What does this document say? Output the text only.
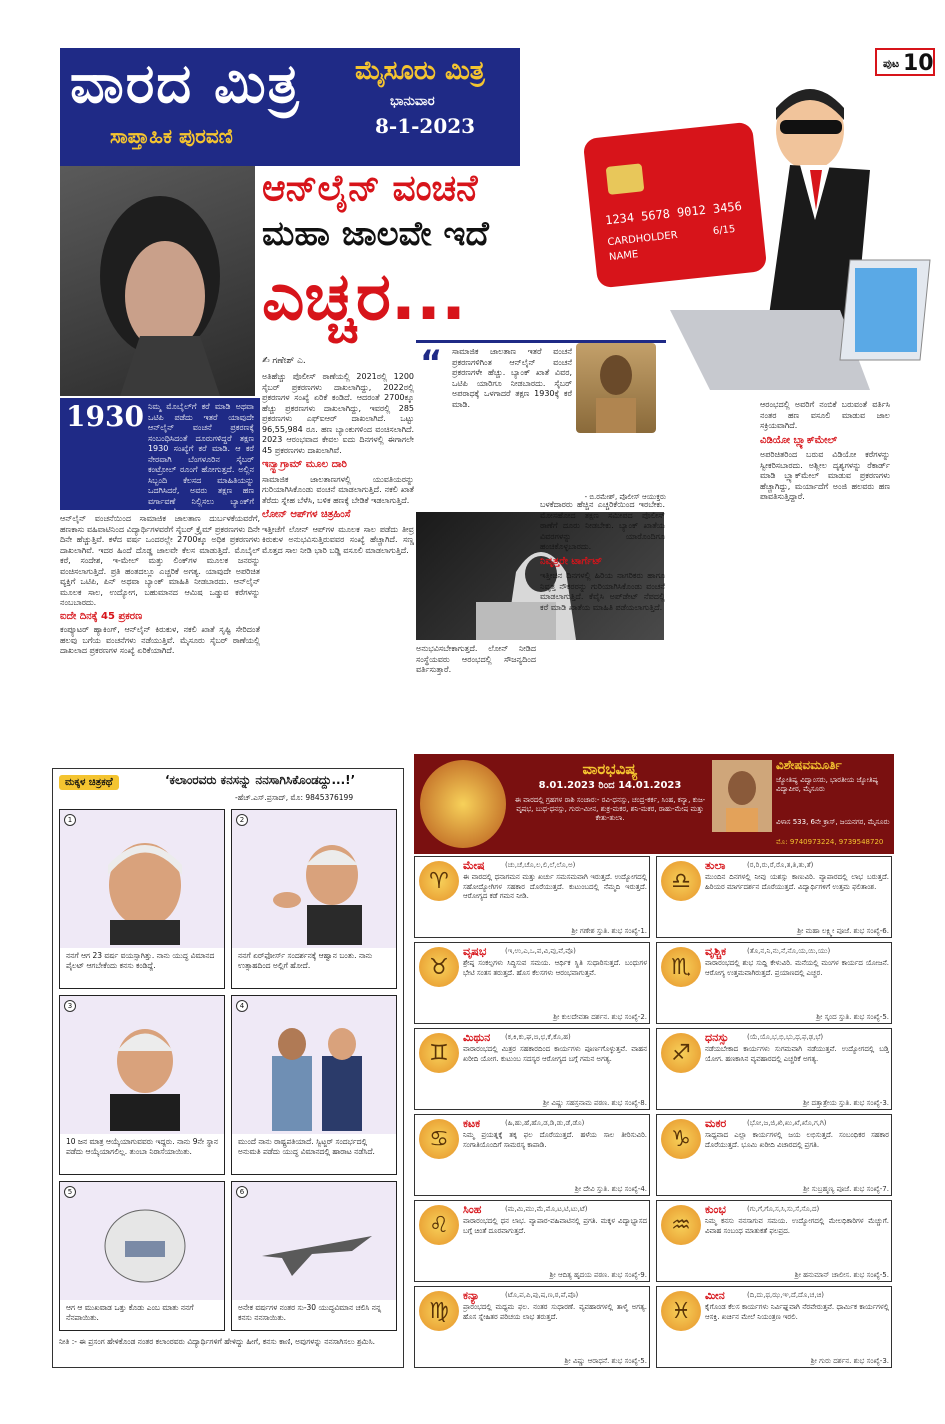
ವಾರದ ಮಿತ್ರ
ಸಾಪ್ತಾಹಿಕ ಪುರವಣಿ
ಮೈಸೂರು ಮಿತ್ರ
ಭಾನುವಾರ
8-1-2023
ಪುಟ 10
1234 5678 9012 3456
CARDHOLDER
NAME
6/15
ಆನ್‌ಲೈನ್ ವಂಚನೆ
ಮಹಾ ಜಾಲವೇ ಇದೆ
ಎಚ್ಚರ...
✍ ಗಣೇಶ್ ಎ.
1930 ನಿಮ್ಮ ಮೊಬೈಲ್‌ಗೆ ಕರೆ ಮಾಡಿ ಅಥವಾ ಒಟಿಪಿ ಪಡೆದು ಇತರೆ ಯಾವುದೇ ಆನ್‌ಲೈನ್ ವಂಚನೆ ಪ್ರಕರಣಕ್ಕೆ ಸಂಬಂಧಿಸಿದಂತೆ ದೂರುಗಳಿದ್ದರೆ ತಕ್ಷಣ 1930 ಸಂಖ್ಯೆಗೆ ಕರೆ ಮಾಡಿ. ಆ ಕರೆ ನೇರವಾಗಿ ಬೆಂಗಳೂರಿನ ಸೈಬರ್ ಕಂಟ್ರೋಲ್ ರೂಂಗೆ ಹೋಗುತ್ತದೆ. ಅಲ್ಲಿನ ಸಿಬ್ಬಂದಿ ಕೆಲಸದ ಮಾಹಿತಿಯನ್ನು ಒದಗಿಸಿದರೆ, ಅವರು ತಕ್ಷಣ ಹಣ ವರ್ಗಾವಣೆ ನಿಲ್ಲಿಸಲು ಬ್ಯಾಂಕ್‌ಗೆ ತಿಳಿಸುತ್ತಾರೆ.
ಆನ್‌ಲೈನ್ ವಂಚನೆಯಿಂದ ಸಾಮಾಜಿಕ ಜಾಲತಾಣ ದುರ್ಬಳಕೆಯವರೆಗೆ, ಹಣಕಾಸು ವಹಿವಾಟಿನಿಂದ ವಿದ್ಯಾರ್ಥಿಗಳವರೆಗೆ ಸೈಬರ್ ಕ್ರೈಮ್ ಪ್ರಕರಣಗಳು ದಿನೇ ದಿನೇ ಹೆಚ್ಚುತ್ತಿವೆ. ಕಳೆದ ವರ್ಷ ಒಂದರಲ್ಲೇ 2700ಕ್ಕೂ ಅಧಿಕ ಪ್ರಕರಣಗಳು ದಾಖಲಾಗಿವೆ. ಇದರ ಹಿಂದೆ ದೊಡ್ಡ ಜಾಲವೇ ಕೆಲಸ ಮಾಡುತ್ತಿದೆ. ಮೊಬೈಲ್ ಕರೆ, ಸಂದೇಶ, ಇ-ಮೇಲ್ ಮತ್ತು ಲಿಂಕ್‌ಗಳ ಮೂಲಕ ಜನರನ್ನು ವಂಚಿಸಲಾಗುತ್ತಿದೆ. ಪ್ರತಿ ಹಂತದಲ್ಲೂ ಎಚ್ಚರಿಕೆ ಅಗತ್ಯ. ಯಾವುದೇ ಅಪರಿಚಿತ ವ್ಯಕ್ತಿಗೆ ಒಟಿಪಿ, ಪಿನ್ ಅಥವಾ ಬ್ಯಾಂಕ್ ಮಾಹಿತಿ ನೀಡಬಾರದು. ಆನ್‌ಲೈನ್ ಮೂಲಕ ಸಾಲ, ಉದ್ಯೋಗ, ಬಹುಮಾನದ ಆಮಿಷ ಒಡ್ಡುವ ಕರೆಗಳನ್ನು ನಂಬಬಾರದು.
ಐದೇ ದಿನಕ್ಕೆ 45 ಪ್ರಕರಣ
ಕಂಪ್ಯೂಟರ್ ಹ್ಯಾಕಿಂಗ್, ಆನ್‌ಲೈನ್ ಕಿರುಕುಳ, ನಕಲಿ ಖಾತೆ ಸೃಷ್ಟಿ ಸೇರಿದಂತೆ ಹಲವು ಬಗೆಯ ವಂಚನೆಗಳು ನಡೆಯುತ್ತಿವೆ. ಮೈಸೂರು ಸೈಬರ್ ಠಾಣೆಯಲ್ಲಿ ದಾಖಲಾದ ಪ್ರಕರಣಗಳ ಸಂಖ್ಯೆ ಏರಿಕೆಯಾಗಿದೆ.
ಅತಿಹೆಚ್ಚು ಪೊಲೀಸ್ ಠಾಣೆಯಲ್ಲಿ 2021ರಲ್ಲಿ 1200 ಸೈಬರ್ ಪ್ರಕರಣಗಳು ದಾಖಲಾಗಿದ್ದು, 2022ರಲ್ಲಿ ಪ್ರಕರಣಗಳ ಸಂಖ್ಯೆ ಏರಿಕೆ ಕಂಡಿದೆ. ಆದರಂತೆ 2700ಕ್ಕೂ ಹೆಚ್ಚು ಪ್ರಕರಣಗಳು ದಾಖಲಾಗಿದ್ದು, ಇವರಲ್ಲಿ 285 ಪ್ರಕರಣಗಳು ಎಫ್‌ಐಆರ್ ದಾಖಲಾಗಿದೆ. ಒಟ್ಟು 96,55,984 ರೂ. ಹಣ ಬ್ಯಾಂಕುಗಳಿಂದ ವಂಚಿಸಲಾಗಿದೆ. 2023 ಆರಂಭವಾದ ಕೇವಲ ಐದು ದಿನಗಳಲ್ಲಿ ಈಗಾಗಲೇ 45 ಪ್ರಕರಣಗಳು ದಾಖಲಾಗಿವೆ.
ಇನ್ಸ್ಟಾಗ್ರಾಮ್ ಮೂಲ ದಾರಿ
ಸಾಮಾಜಿಕ ಜಾಲತಾಣಗಳಲ್ಲಿ ಯುವತಿಯರನ್ನು ಗುರಿಯಾಗಿಸಿಕೊಂಡು ವಂಚನೆ ಮಾಡಲಾಗುತ್ತಿದೆ. ನಕಲಿ ಖಾತೆ ತೆರೆದು ಸ್ನೇಹ ಬೆಳೆಸಿ, ಬಳಿಕ ಹಣಕ್ಕೆ ಬೇಡಿಕೆ ಇಡಲಾಗುತ್ತಿದೆ.
ಲೋನ್ ಆಪ್‌ಗಳ ಚಿತ್ರಹಿಂಸೆ
ಇತ್ತೀಚೆಗೆ ಲೋನ್ ಆಪ್‌ಗಳ ಮೂಲಕ ಸಾಲ ಪಡೆದು ತೀವ್ರ ಕಿರುಕುಳ ಅನುಭವಿಸುತ್ತಿರುವವರ ಸಂಖ್ಯೆ ಹೆಚ್ಚಾಗಿದೆ. ಸಣ್ಣ ಮೊತ್ತದ ಸಾಲ ನೀಡಿ ಭಾರಿ ಬಡ್ಡಿ ವಸೂಲಿ ಮಾಡಲಾಗುತ್ತಿದೆ.
“ ಸಾಮಾಜಿಕ ಜಾಲತಾಣ ಇತರೆ ವಂಚನೆ ಪ್ರಕರಣಗಳಿಗಿಂತ ಆನ್‌ಲೈನ್ ವಂಚನೆ ಪ್ರಕರಣಗಳೇ ಹೆಚ್ಚು. ಬ್ಯಾಂಕ್ ಖಾತೆ ವಿವರ, ಒಟಿಪಿ ಯಾರಿಗೂ ನೀಡಬಾರದು. ಸೈಬರ್ ಅಪರಾಧಕ್ಕೆ ಒಳಗಾದರೆ ತಕ್ಷಣ 1930ಕ್ಕೆ ಕರೆ ಮಾಡಿ.
- ಬಿ.ರಮೇಶ್, ಪೊಲೀಸ್ ಆಯುಕ್ತರು
ಅನುಭವಿಸಬೇಕಾಗುತ್ತದೆ. ಲೋನ್ ನೀಡಿದ ಸಂಸ್ಥೆಯವರು ಆರಂಭದಲ್ಲಿ ಸೌಜನ್ಯದಿಂದ ವರ್ತಿಸುತ್ತಾರೆ.
ಬಳಕೆದಾರರು ಹೆಚ್ಚಿನ ಎಚ್ಚರಿಕೆಯಿಂದ ಇರಬೇಕು. ಮೋಸಹೋದ ತಕ್ಷಣ ಸಮೀಪದ ಪೊಲೀಸ್ ಠಾಣೆಗೆ ದೂರು ನೀಡಬೇಕು. ಬ್ಯಾಂಕ್ ಖಾತೆಯ ವಿವರಗಳನ್ನು ಯಾರೊಂದಿಗೂ ಹಂಚಿಕೊಳ್ಳಬಾರದು.
ನಿವೃತ್ತರೇ ಟಾರ್ಗೆಟ್
ಇತ್ತೀಚಿನ ದಿನಗಳಲ್ಲಿ ಹಿರಿಯ ನಾಗರಿಕರು ಹಾಗೂ ನಿವೃತ್ತ ನೌಕರರನ್ನು ಗುರಿಯಾಗಿಸಿಕೊಂಡು ವಂಚನೆ ಮಾಡಲಾಗುತ್ತಿದೆ. ಕೆವೈಸಿ ಅಪ್‌ಡೇಟ್ ನೆಪದಲ್ಲಿ ಕರೆ ಮಾಡಿ ಖಾತೆಯ ಮಾಹಿತಿ ಪಡೆಯಲಾಗುತ್ತಿದೆ.
ಆರಂಭದಲ್ಲಿ ಅವರಿಗೆ ನಂಬಿಕೆ ಬರುವಂತೆ ವರ್ತಿಸಿ ನಂತರ ಹಣ ವಸೂಲಿ ಮಾಡುವ ಜಾಲ ಸಕ್ರಿಯವಾಗಿದೆ.
ವಿಡಿಯೋ ಬ್ಲ್ಯಾಕ್‌ಮೇಲ್
ಅಪರಿಚಿತರಿಂದ ಬರುವ ವಿಡಿಯೋ ಕರೆಗಳನ್ನು ಸ್ವೀಕರಿಸಬಾರದು. ಅಶ್ಲೀಲ ದೃಶ್ಯಗಳನ್ನು ರೆಕಾರ್ಡ್ ಮಾಡಿ ಬ್ಲ್ಯಾಕ್‌ಮೇಲ್ ಮಾಡುವ ಪ್ರಕರಣಗಳು ಹೆಚ್ಚಾಗಿದ್ದು, ಮರ್ಯಾದೆಗೆ ಅಂಜಿ ಹಲವರು ಹಣ ಪಾವತಿಸುತ್ತಿದ್ದಾರೆ.
ಮಕ್ಕಳ ಚಿತ್ರಕಥೆ	‘ಕಲಾಂರವರು ಕನಸನ್ನು ನನಸಾಗಿಸಿಕೊಂಡದ್ದು...!’
-ಹೆಚ್.ಎಸ್.ಪ್ರಸಾದ್, ಮೊ: 9845376199
1
ನನಗೆ ಆಗ 23 ವರ್ಷ ವಯಸ್ಸಾಗಿತ್ತು. ನಾನು ಯುದ್ಧ ವಿಮಾನದ ಪೈಲಟ್ ಆಗಬೇಕೆಂದು ಕನಸು ಕಂಡಿದ್ದೆ.
2
ನನಗೆ ಏರ್‌ಫೋರ್ಸ್ ಸಂದರ್ಶನಕ್ಕೆ ಆಹ್ವಾನ ಬಂತು. ನಾನು ಉತ್ಸಾಹದಿಂದ ಅಲ್ಲಿಗೆ ಹೋದೆ.
3
10 ಜನ ಮಾತ್ರ ಆಯ್ಕೆಯಾಗುವವರು ಇದ್ದರು. ನಾನು 9ನೇ ಸ್ಥಾನ ಪಡೆದು ಆಯ್ಕೆಯಾಗಲಿಲ್ಲ. ತುಂಬಾ ನಿರಾಸೆಯಾಯಿತು.
4
ಮುಂದೆ ನಾನು ರಾಷ್ಟ್ರಪತಿಯಾದೆ. ಸ್ವಿಟ್ಜರ್ ಸಂದರ್ಭದಲ್ಲಿ ಅನುಮತಿ ಪಡೆದು ಯುದ್ಧ ವಿಮಾನದಲ್ಲಿ ಹಾರಾಟ ನಡೆಸಿದೆ.
5
ಆಗ ಆ ಮುಖವಾಡ ಒತ್ತು ಕೊಡು ಎಂಬ ಮಾತು ನನಗೆ ನೆನಪಾಯಿತು.
6
ಅನೇಕ ವರ್ಷಗಳ ನಂತರ ಸು-30 ಯುದ್ಧವಿಮಾನ ಚಲಿಸಿ ನನ್ನ ಕನಸು ನನಸಾಯಿತು.
ನೀತಿ :- ಈ ಪ್ರಸಂಗ ಹೇಳಿಕೊಂಡ ನಂತರ ಕಲಾಂರವರು ವಿದ್ಯಾರ್ಥಿಗಳಿಗೆ ಹೇಳಿದ್ದು ಹೀಗೆ, ಕನಸು ಕಾಣಿ, ಅವುಗಳನ್ನು ನನಸಾಗಿಸಲು ಶ್ರಮಿಸಿ.
ವಾರಭವಿಷ್ಯ
8.01.2023 ರಿಂದ 14.01.2023
ಈ ವಾರದಲ್ಲಿ ಗ್ರಹಗಳ ರಾಶಿ ಸಂಚಾರ:- ರವಿ-ಧನಸ್ಸು, ಚಂದ್ರ-ಕರ್ಕ, ಸಿಂಹ, ಕನ್ಯಾ, ಕುಜ-ವೃಷಭ, ಬುಧ-ಧನಸ್ಸು, ಗುರು-ಮೀನ, ಶುಕ್ರ-ಮಕರ, ಶನಿ-ಮಕರ, ರಾಹು-ಮೇಷ ಮತ್ತು ಕೇತು-ತುಲಾ.
ವಿಶೇಷವಮೂರ್ತಿ
ಜ್ಯೋತಿಷ್ಯ ವಿದ್ವಾಂಸರು, ಭಾರತೀಯ ಜ್ಯೋತಿಷ್ಯ ವಿದ್ಯಾಪೀಠ, ಮೈಸೂರು
ವಿಳಾಸ 533, 6ನೇ ಕ್ರಾಸ್, ಜಯನಗರ, ಮೈಸೂರು
ಮೊ: 9740973224, 9739548720
♈
ಮೇಷ	(ಚು,ಚೆ,ಚೊ,ಲ,ಲಿ,ಲೆ,ಲೊ,ಅ)
ಈ ವಾರದಲ್ಲಿ ಧನಾಗಮನ ಮತ್ತು ಖರ್ಚು ಸಮಸಮವಾಗಿ ಇರುತ್ತದೆ. ಉದ್ಯೋಗದಲ್ಲಿ ಸಹೋದ್ಯೋಗಿಗಳ ಸಹಕಾರ ದೊರೆಯುತ್ತದೆ. ಕುಟುಂಬದಲ್ಲಿ ನೆಮ್ಮದಿ ಇರುತ್ತದೆ. ಆರೋಗ್ಯದ ಕಡೆ ಗಮನ ನೀಡಿ.
ಶ್ರೀ ಗಣೇಶ ಸ್ತುತಿ. ಶುಭ ಸಂಖ್ಯೆ-1.
♎
ತುಲಾ	(ರ,ರಿ,ರು,ರೆ,ರೊ,ತ,ತಿ,ತು,ತೆ)
ಮುಂದಿನ ದಿನಗಳಲ್ಲಿ ನೀವು ಯಶಸ್ಸು ಕಾಣುವಿರಿ. ವ್ಯಾಪಾರದಲ್ಲಿ ಲಾಭ ಬರುತ್ತದೆ. ಹಿರಿಯರ ಮಾರ್ಗದರ್ಶನ ದೊರೆಯುತ್ತದೆ. ವಿದ್ಯಾರ್ಥಿಗಳಿಗೆ ಉತ್ತಮ ಫಲಿತಾಂಶ.
ಶ್ರೀ ಮಹಾ ಲಕ್ಷ್ಮೀ ಪೂಜೆ. ಶುಭ ಸಂಖ್ಯೆ-6.
♉
ವೃಷಭ	(ಇ,ಉ,ಎ,ಒ,ವ,ವಿ,ವು,ವೆ,ವೊ)
ಶ್ರೇಷ್ಠ ಸಂಕಲ್ಪಗಳು ಸಿದ್ಧಿಸುವ ಸಮಯ. ಆರ್ಥಿಕ ಸ್ಥಿತಿ ಸುಧಾರಿಸುತ್ತದೆ. ಬಂಧುಗಳ ಭೇಟಿ ಸಂತಸ ತರುತ್ತದೆ. ಹೊಸ ಕೆಲಸಗಳು ಆರಂಭವಾಗುತ್ತವೆ.
ಶ್ರೀ ಕುಲದೇವತಾ ದರ್ಶನ. ಶುಭ ಸಂಖ್ಯೆ-2.
♏
ವೃಶ್ಚಿಕ	(ತೊ,ನ,ನಿ,ನು,ನೆ,ನೊ,ಯ,ಯಿ,ಯು)
ವಾರಾರಂಭದಲ್ಲಿ ಶುಭ ಸುದ್ದಿ ಕೇಳುವಿರಿ. ಮನೆಯಲ್ಲಿ ಮಂಗಳ ಕಾರ್ಯದ ಯೋಜನೆ. ಆರೋಗ್ಯ ಉತ್ತಮವಾಗಿರುತ್ತದೆ. ಪ್ರಯಾಣದಲ್ಲಿ ಎಚ್ಚರ.
ಶ್ರೀ ಸ್ಕಂದ ಸ್ತುತಿ. ಶುಭ ಸಂಖ್ಯೆ-5.
♊
ಮಿಥುನ (ಕ,ಕಿ,ಕು,ಘ,ಙ,ಛ,ಕೆ,ಕೊ,ಹ)
ವಾರಾರಂಭದಲ್ಲಿ ಮಿತ್ರರ ಸಹಕಾರದಿಂದ ಕಾರ್ಯಗಳು ಪೂರ್ಣಗೊಳ್ಳುತ್ತವೆ. ವಾಹನ ಖರೀದಿ ಯೋಗ. ಕುಟುಂಬ ಸದಸ್ಯರ ಆರೋಗ್ಯದ ಬಗ್ಗೆ ಗಮನ ಅಗತ್ಯ.
ಶ್ರೀ ವಿಷ್ಣು ಸಹಸ್ರನಾಮ ಪಠಣ. ಶುಭ ಸಂಖ್ಯೆ-8.
♐
ಧನಸ್ಸು	(ಯೆ,ಯೊ,ಭ,ಭಿ,ಭು,ಧ,ಫ,ಢ,ಭೆ)
ನಡೆಯಬೇಕಾದ ಕಾರ್ಯಗಳು ಸುಗಮವಾಗಿ ನಡೆಯುತ್ತವೆ. ಉದ್ಯೋಗದಲ್ಲಿ ಬಡ್ತಿ ಯೋಗ. ಹಣಕಾಸಿನ ವ್ಯವಹಾರದಲ್ಲಿ ಎಚ್ಚರಿಕೆ ಅಗತ್ಯ.
ಶ್ರೀ ದತ್ತಾತ್ರೇಯ ಸ್ತುತಿ. ಶುಭ ಸಂಖ್ಯೆ-3.
♋
ಕಟಕ	(ಹಿ,ಹು,ಹೆ,ಹೊ,ಡ,ಡಿ,ಡು,ಡೆ,ಡೊ)
ನಿಮ್ಮ ಪ್ರಯತ್ನಕ್ಕೆ ತಕ್ಕ ಫಲ ದೊರೆಯುತ್ತದೆ. ಹಳೆಯ ಸಾಲ ತೀರಿಸುವಿರಿ. ಸಂಗಾತಿಯೊಂದಿಗೆ ಸಾಮರಸ್ಯ ಕಾಪಾಡಿ.
ಶ್ರೀ ದೇವಿ ಸ್ತುತಿ. ಶುಭ ಸಂಖ್ಯೆ-4.
♑
ಮಕರ	(ಭೋ,ಜ,ಜಿ,ಖಿ,ಖು,ಖೆ,ಖೊ,ಗ,ಗಿ)
ಸಾಧ್ಯವಾದ ಎಲ್ಲಾ ಕಾರ್ಯಗಳಲ್ಲಿ ಜಯ ಲಭಿಸುತ್ತದೆ. ಸಂಬಂಧಿಕರ ಸಹಕಾರ ದೊರೆಯುತ್ತದೆ. ಭೂಮಿ ಖರೀದಿ ವಿಚಾರದಲ್ಲಿ ಪ್ರಗತಿ.
ಶ್ರೀ ಸುಬ್ರಹ್ಮಣ್ಯ ಪೂಜೆ. ಶುಭ ಸಂಖ್ಯೆ-7.
♌
ಸಿಂಹ	(ಮ,ಮಿ,ಮು,ಮೆ,ಮೊ,ಟ,ಟಿ,ಟು,ಟೆ)
ವಾರಾರಂಭದಲ್ಲಿ ಧನ ಲಾಭ. ವ್ಯಾಪಾರ-ವಹಿವಾಟಿನಲ್ಲಿ ಪ್ರಗತಿ. ಮಕ್ಕಳ ವಿದ್ಯಾಭ್ಯಾಸದ ಬಗ್ಗೆ ಚಿಂತೆ ದೂರವಾಗುತ್ತದೆ.
ಶ್ರೀ ಆದಿತ್ಯ ಹೃದಯ ಪಠಣ. ಶುಭ ಸಂಖ್ಯೆ-9.
♒
ಕುಂಭ	(ಗು,ಗೆ,ಗೊ,ಸ,ಸಿ,ಸು,ಸೆ,ಸೊ,ದ)
ನಿಮ್ಮ ಕನಸು ನನಸಾಗುವ ಸಮಯ. ಉದ್ಯೋಗದಲ್ಲಿ ಮೇಲಧಿಕಾರಿಗಳ ಮೆಚ್ಚುಗೆ. ವಿವಾಹ ಸಂಬಂಧ ಮಾತುಕತೆ ಫಲಪ್ರದ.
ಶ್ರೀ ಹನುಮಾನ್ ಚಾಲೀಸ. ಶುಭ ಸಂಖ್ಯೆ-5.
♍
ಕನ್ಯಾ	(ಟೊ,ಪ,ಪಿ,ಪು,ಷ,ಣ,ಠ,ಪೆ,ಪೊ)
ಪ್ರಾರಂಭದಲ್ಲಿ ಮಧ್ಯಮ ಫಲ. ನಂತರ ಸುಧಾರಣೆ. ವ್ಯವಹಾರಗಳಲ್ಲಿ ತಾಳ್ಮೆ ಅಗತ್ಯ. ಹೊಸ ಸ್ನೇಹಿತರ ಪರಿಚಯ ಲಾಭ ತರುತ್ತದೆ.
ಶ್ರೀ ವಿಷ್ಣು ಆರಾಧನೆ. ಶುಭ ಸಂಖ್ಯೆ-5.
♓
ಮೀನ	(ದಿ,ದು,ಥ,ಝ,ಞ,ದೆ,ದೊ,ಚ,ಚಿ)
ಕೈಗೊಂಡ ಕೆಲಸ ಕಾರ್ಯಗಳು ನಿರ್ವಿಘ್ನವಾಗಿ ನೆರವೇರುತ್ತವೆ. ಧಾರ್ಮಿಕ ಕಾರ್ಯಗಳಲ್ಲಿ ಆಸಕ್ತಿ. ಖರ್ಚಿನ ಮೇಲೆ ನಿಯಂತ್ರಣ ಇರಲಿ.
ಶ್ರೀ ಗುರು ದರ್ಶನ. ಶುಭ ಸಂಖ್ಯೆ-3.
